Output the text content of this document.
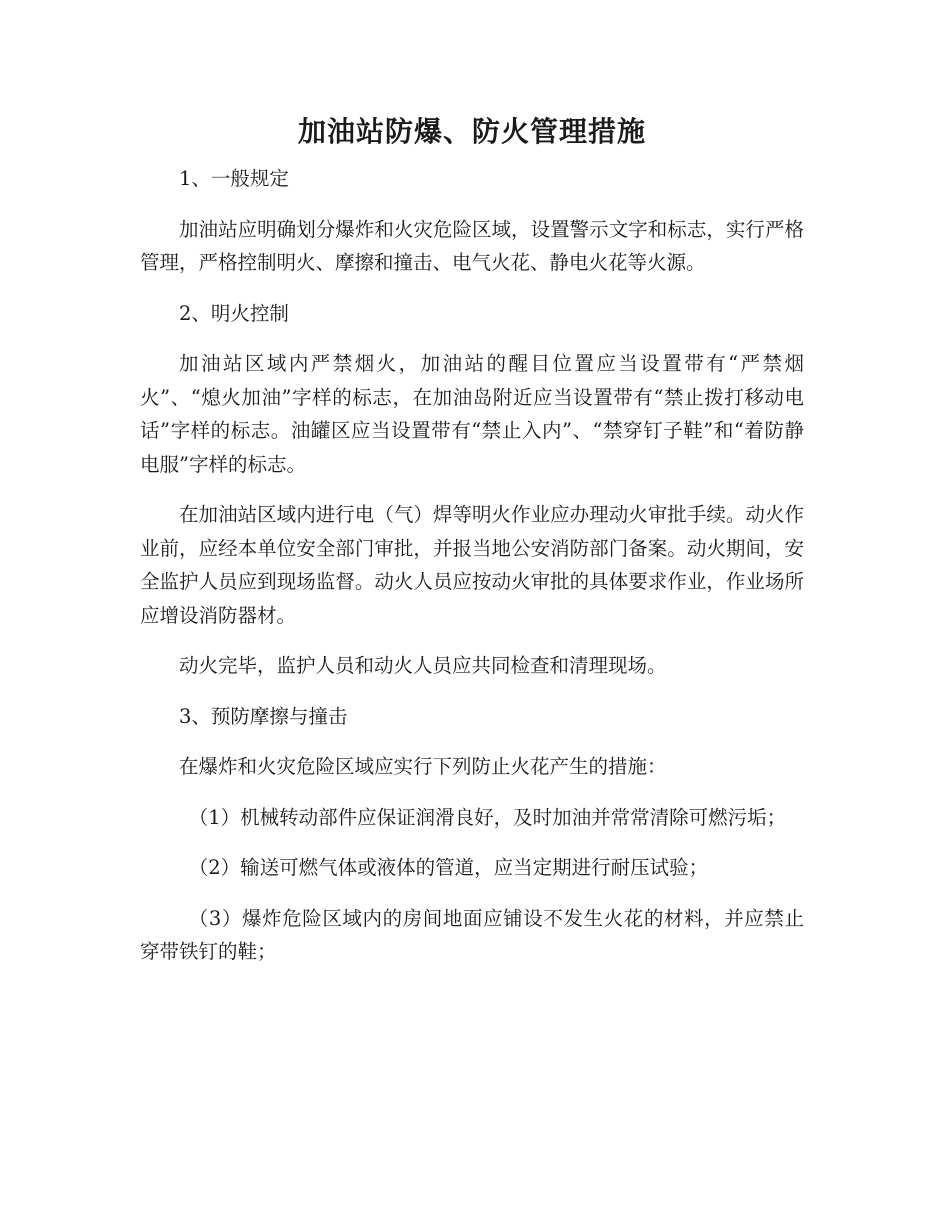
加油站防爆、防火管理措施

1、一般规定

加油站应明确划分爆炸和火灾危险区域，设置警示文字和标志，实行严格管理，严格控制明火、摩擦和撞击、电气火花、静电火花等火源。

2、明火控制

加油站区域内严禁烟火，加油站的醒目位置应当设置带有“严禁烟火”、“熄火加油”字样的标志，在加油岛附近应当设置带有“禁止拨打移动电话”字样的标志。油罐区应当设置带有“禁止入内”、“禁穿钉子鞋”和“着防静电服”字样的标志。

在加油站区域内进行电（气）焊等明火作业应办理动火审批手续。动火作业前，应经本单位安全部门审批，并报当地公安消防部门备案。动火期间，安全监护人员应到现场监督。动火人员应按动火审批的具体要求作业，作业场所应增设消防器材。

动火完毕，监护人员和动火人员应共同检查和清理现场。

3、预防摩擦与撞击

在爆炸和火灾危险区域应实行下列防止火花产生的措施：

（1）机械转动部件应保证润滑良好，及时加油并常常清除可燃污垢；

（2）输送可燃气体或液体的管道，应当定期进行耐压试验；

（3）爆炸危险区域内的房间地面应铺设不发生火花的材料，并应禁止穿带铁钉的鞋；
